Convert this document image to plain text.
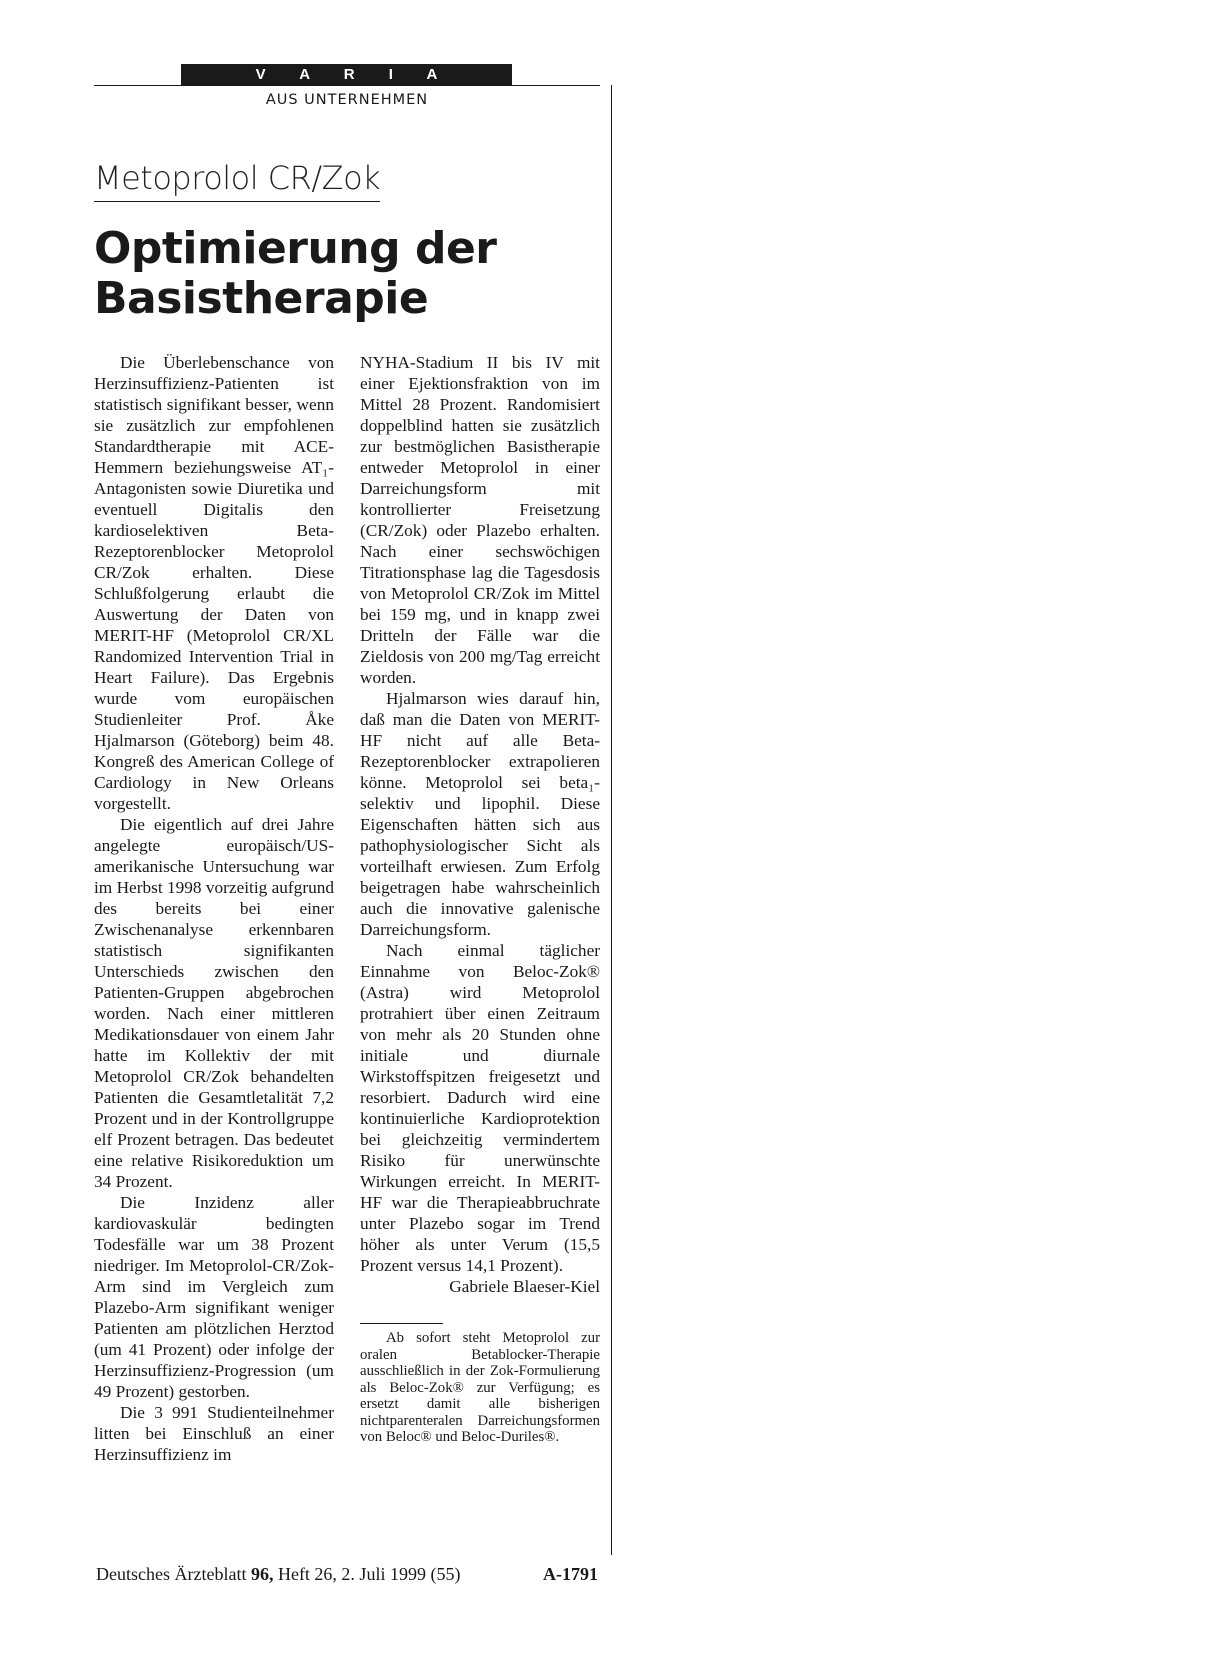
V A R I A
AUS UNTERNEHMEN
Metoprolol CR/Zok
Optimierung der
Basistherapie

Die Überlebenschance von Herzinsuffizienz-Patienten ist statistisch signifikant besser, wenn sie zusätzlich zur empfohlenen Standardtherapie mit ACE-Hemmern beziehungsweise AT₁-Antagonisten sowie Diuretika und eventuell Digitalis den kardioselektiven Beta-Rezeptorenblocker Metoprolol CR/Zok erhalten. Diese Schlußfolgerung erlaubt die Auswertung der Daten von MERIT-HF (Metoprolol CR/XL Randomized Intervention Trial in Heart Failure). Das Ergebnis wurde vom europäischen Studienleiter Prof. Åke Hjalmarson (Göteborg) beim 48. Kongreß des American College of Cardiology in New Orleans vorgestellt.

Die eigentlich auf drei Jahre angelegte europäisch/US-amerikanische Untersuchung war im Herbst 1998 vorzeitig aufgrund des bereits bei einer Zwischenanalyse erkennbaren statistisch signifikanten Unterschieds zwischen den Patienten-Gruppen abgebrochen worden. Nach einer mittleren Medikationsdauer von einem Jahr hatte im Kollektiv der mit Metoprolol CR/Zok behandelten Patienten die Gesamtletalität 7,2 Prozent und in der Kontrollgruppe elf Prozent betragen. Das bedeutet eine relative Risikoreduktion um 34 Prozent.

Die Inzidenz aller kardiovaskulär bedingten Todesfälle war um 38 Prozent niedriger. Im Metoprolol-CR/Zok-Arm sind im Vergleich zum Plazebo-Arm signifikant weniger Patienten am plötzlichen Herztod (um 41 Prozent) oder infolge der Herzinsuffizienz-Progression (um 49 Prozent) gestorben.

Die 3 991 Studienteilnehmer litten bei Einschluß an einer Herzinsuffizienz im

NYHA-Stadium II bis IV mit einer Ejektionsfraktion von im Mittel 28 Prozent. Randomisiert doppelblind hatten sie zusätzlich zur bestmöglichen Basistherapie entweder Metoprolol in einer Darreichungsform mit kontrollierter Freisetzung (CR/Zok) oder Plazebo erhalten. Nach einer sechswöchigen Titrationsphase lag die Tagesdosis von Metoprolol CR/Zok im Mittel bei 159 mg, und in knapp zwei Dritteln der Fälle war die Zieldosis von 200 mg/Tag erreicht worden.

Hjalmarson wies darauf hin, daß man die Daten von MERIT-HF nicht auf alle Beta-Rezeptorenblocker extrapolieren könne. Metoprolol sei beta₁-selektiv und lipophil. Diese Eigenschaften hätten sich aus pathophysiologischer Sicht als vorteilhaft erwiesen. Zum Erfolg beigetragen habe wahrscheinlich auch die innovative galenische Darreichungsform.

Nach einmal täglicher Einnahme von Beloc-Zok® (Astra) wird Metoprolol protrahiert über einen Zeitraum von mehr als 20 Stunden ohne initiale und diurnale Wirkstoffspitzen freigesetzt und resorbiert. Dadurch wird eine kontinuierliche Kardioprotektion bei gleichzeitig vermindertem Risiko für unerwünschte Wirkungen erreicht. In MERIT-HF war die Therapieabbruchrate unter Plazebo sogar im Trend höher als unter Verum (15,5 Prozent versus 14,1 Prozent).

Gabriele Blaeser-Kiel

Ab sofort steht Metoprolol zur oralen Betablocker-Therapie ausschließlich in der Zok-Formulierung als Beloc-Zok® zur Verfügung; es ersetzt damit alle bisherigen nichtparenteralen Darreichungsformen von Beloc® und Beloc-Duriles®.

Deutsches Ärzteblatt 96, Heft 26, 2. Juli 1999 (55)	A-1791
